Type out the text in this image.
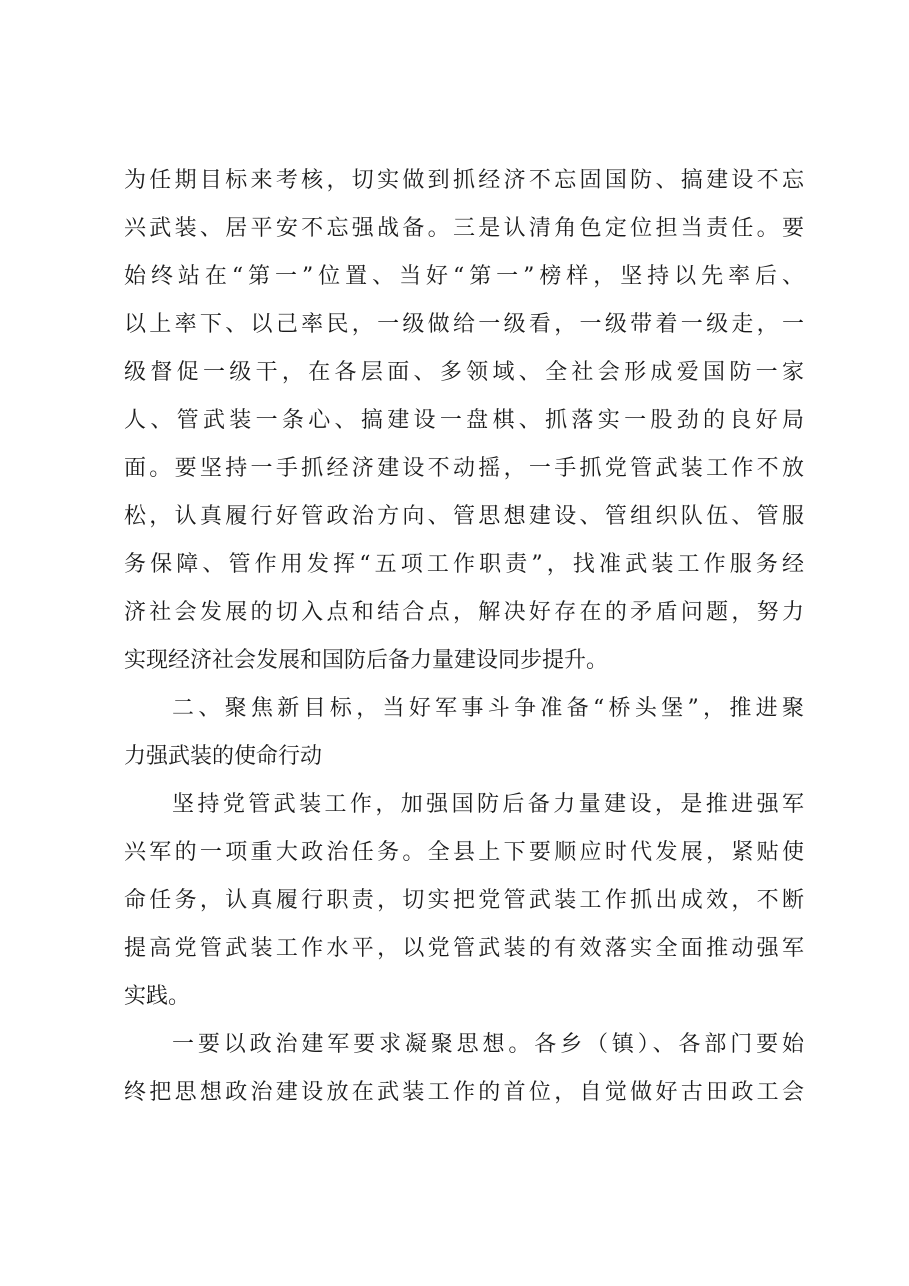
为任期目标来考核，切实做到抓经济不忘固国防、搞建设不忘
兴武装、居平安不忘强战备。三是认清角色定位担当责任。要
始终站在“第一”位置、当好“第一”榜样，坚持以先率后、
以上率下、以己率民，一级做给一级看，一级带着一级走，一
级督促一级干，在各层面、多领域、全社会形成爱国防一家
人、管武装一条心、搞建设一盘棋、抓落实一股劲的良好局
面。要坚持一手抓经济建设不动摇，一手抓党管武装工作不放
松，认真履行好管政治方向、管思想建设、管组织队伍、管服
务保障、管作用发挥“五项工作职责”，找准武装工作服务经
济社会发展的切入点和结合点，解决好存在的矛盾问题，努力
实现经济社会发展和国防后备力量建设同步提升。
二、聚焦新目标，当好军事斗争准备“桥头堡”，推进聚
力强武装的使命行动
坚持党管武装工作，加强国防后备力量建设，是推进强军
兴军的一项重大政治任务。全县上下要顺应时代发展，紧贴使
命任务，认真履行职责，切实把党管武装工作抓出成效，不断
提高党管武装工作水平，以党管武装的有效落实全面推动强军
实践。
一要以政治建军要求凝聚思想。各乡（镇）、各部门要始
终把思想政治建设放在武装工作的首位，自觉做好古田政工会
